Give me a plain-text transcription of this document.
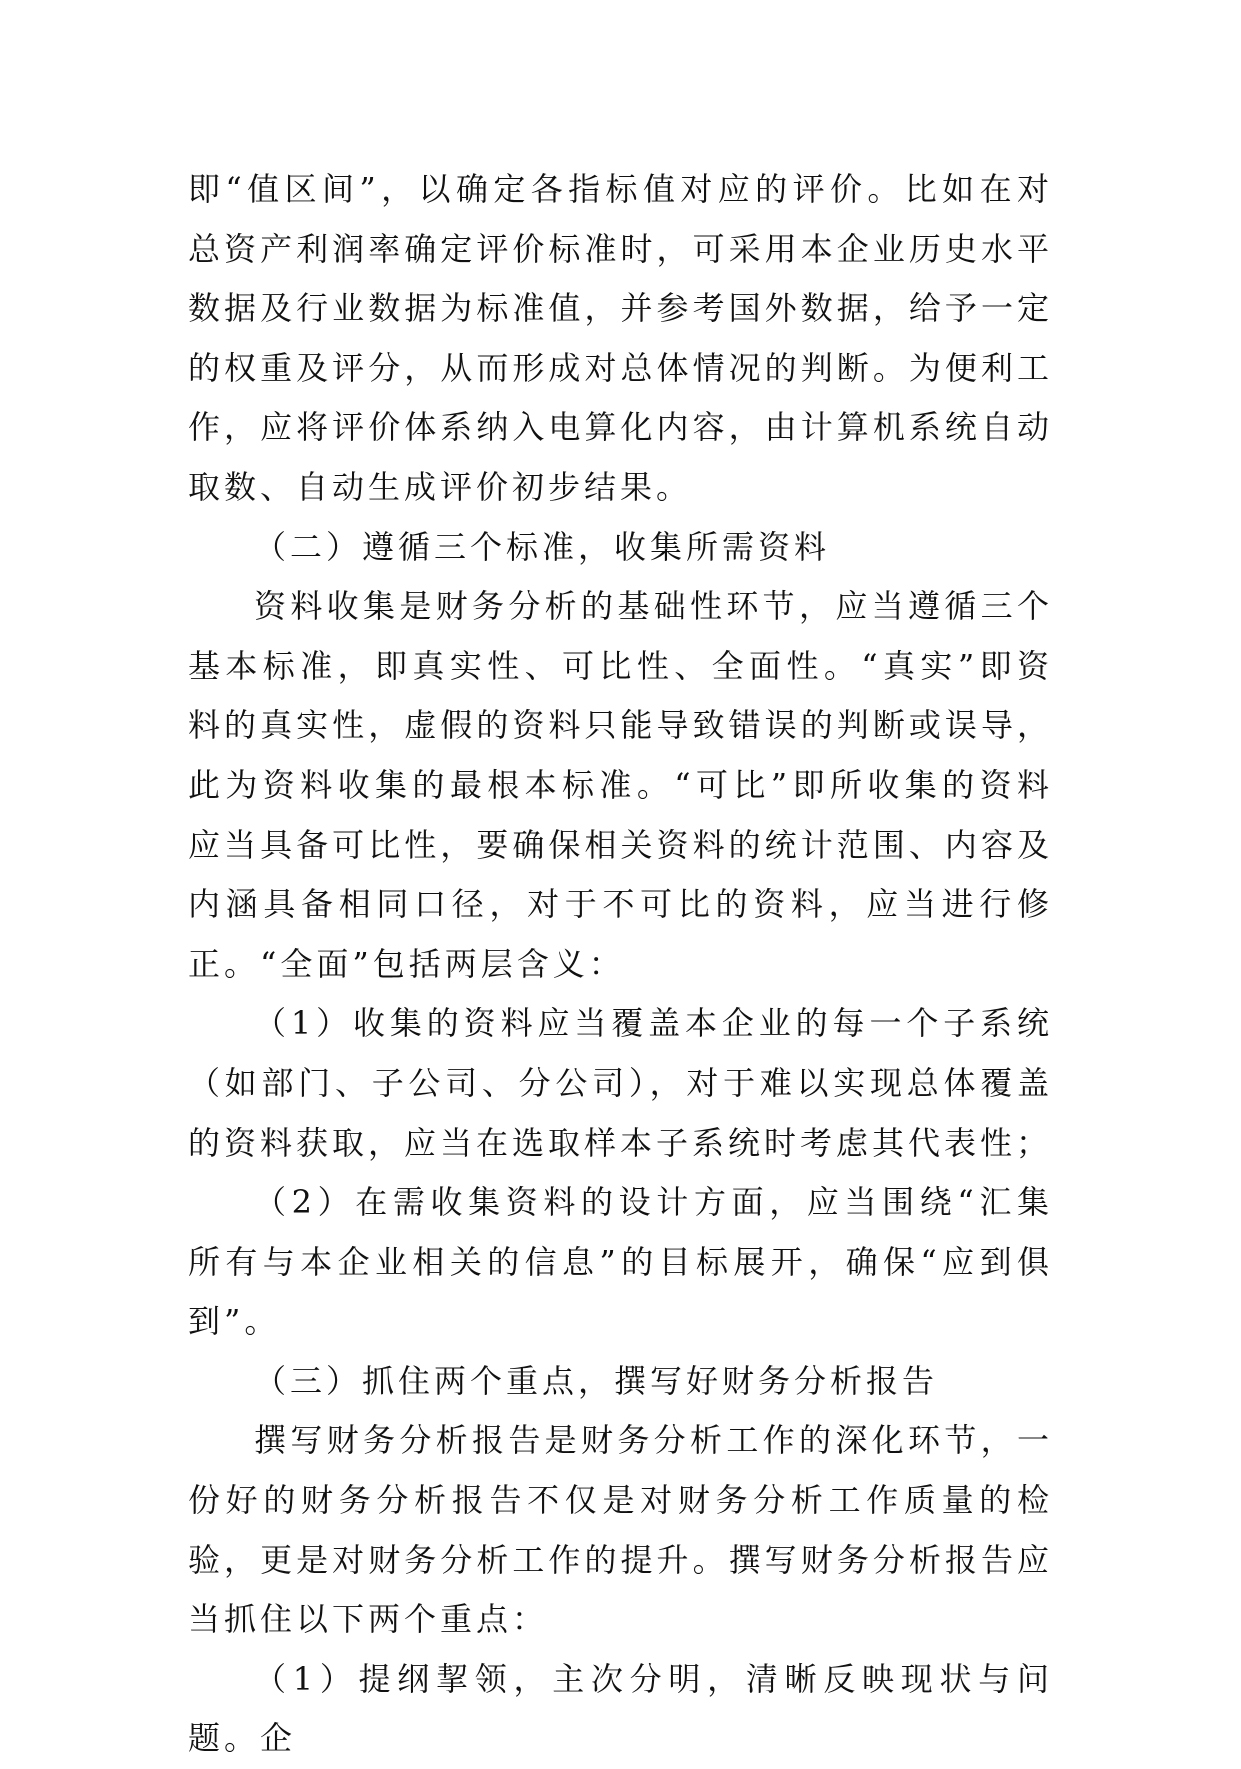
即“值区间”，以确定各指标值对应的评价。比如在对总资产利润率确定评价标准时，可采用本企业历史水平数据及行业数据为标准值，并参考国外数据，给予一定的权重及评分，从而形成对总体情况的判断。为便利工作，应将评价体系纳入电算化内容，由计算机系统自动取数、自动生成评价初步结果。

（二）遵循三个标准，收集所需资料

资料收集是财务分析的基础性环节，应当遵循三个基本标准，即真实性、可比性、全面性。“真实”即资料的真实性，虚假的资料只能导致错误的判断或误导，此为资料收集的最根本标准。“可比”即所收集的资料应当具备可比性，要确保相关资料的统计范围、内容及内涵具备相同口径，对于不可比的资料，应当进行修正。“全面”包括两层含义：

（1）收集的资料应当覆盖本企业的每一个子系统（如部门、子公司、分公司），对于难以实现总体覆盖的资料获取，应当在选取样本子系统时考虑其代表性；

（2）在需收集资料的设计方面，应当围绕“汇集所有与本企业相关的信息”的目标展开，确保“应到俱到”。

（三）抓住两个重点，撰写好财务分析报告

撰写财务分析报告是财务分析工作的深化环节，一份好的财务分析报告不仅是对财务分析工作质量的检验，更是对财务分析工作的提升。撰写财务分析报告应当抓住以下两个重点：

（1）提纲挈领，主次分明，清晰反映现状与问题。企
